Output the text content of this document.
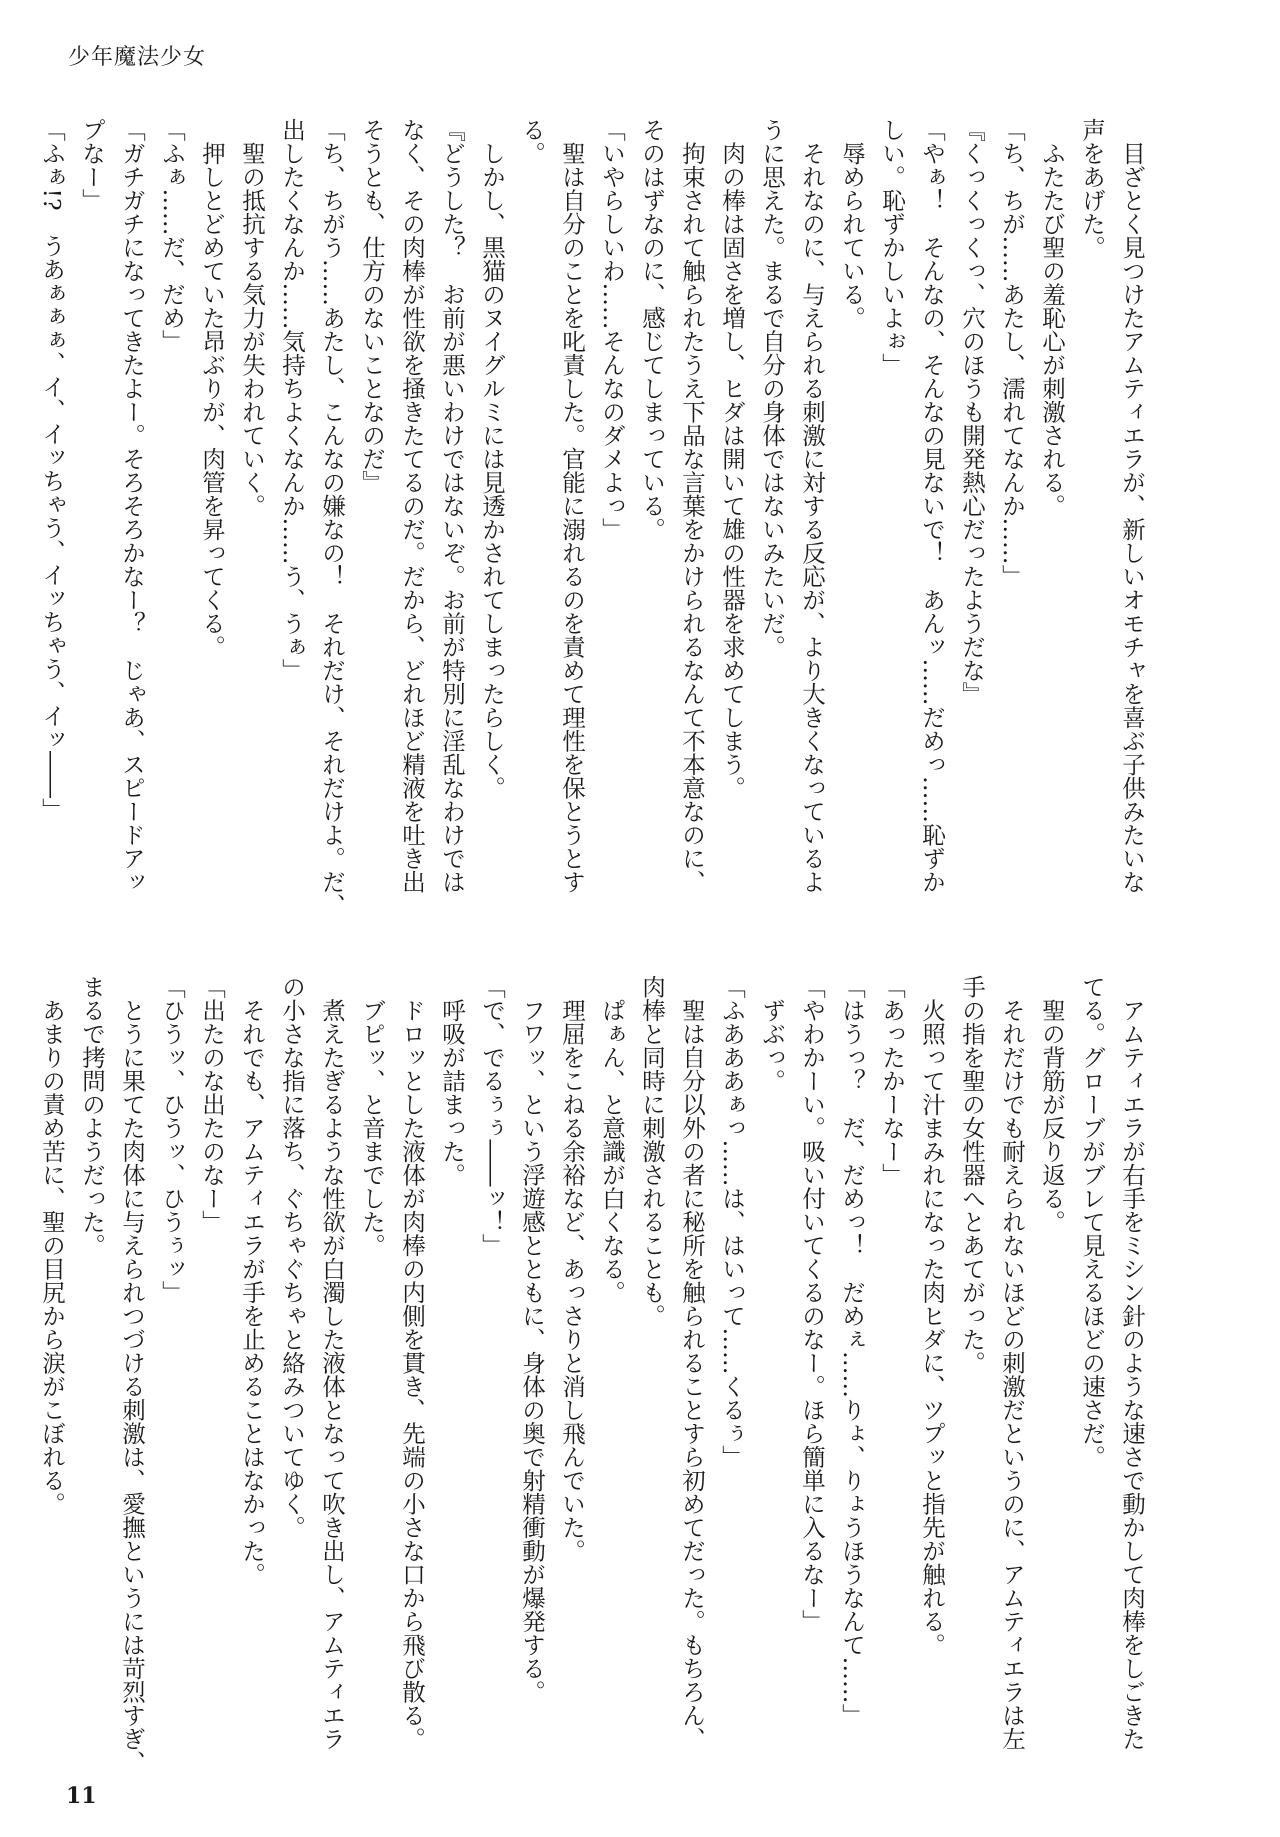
少年魔法少女
　目ざとく見つけたアムティエラが、新しいオモチャを喜ぶ子供みたいな
声をあげた。
　ふたたび聖の羞恥心が刺激される。
「ち、ちが……あたし、濡れてなんか……」
『くっくっくっ、穴のほうも開発熱心だったようだな』
「やぁ！　そんなの、そんなの見ないで！　あんッ……だめっ……恥ずか
しい。恥ずかしいよぉ」
　辱められている。
　それなのに、与えられる刺激に対する反応が、より大きくなっているよ
うに思えた。まるで自分の身体ではないみたいだ。
　肉の棒は固さを増し、ヒダは開いて雄の性器を求めてしまう。
　拘束されて触られたうえ下品な言葉をかけられるなんて不本意なのに、
そのはずなのに、感じてしまっている。
「いやらしいわ……そんなのダメよっ」
　聖は自分のことを叱責した。官能に溺れるのを責めて理性を保とうとす
る。
　しかし、黒猫のヌイグルミには見透かされてしまったらしく。
『どうした？　お前が悪いわけではないぞ。お前が特別に淫乱なわけでは
なく、その肉棒が性欲を掻きたてるのだ。だから、どれほど精液を吐き出
そうとも、仕方のないことなのだ』
「ち、ちがう……あたし、こんなの嫌なの！　それだけ、それだけよ。だ、
出したくなんか……気持ちよくなんか……う、うぁ」
　聖の抵抗する気力が失われていく。
　押しとどめていた昂ぶりが、肉管を昇ってくる。
「ふぁ……だ、だめ」
「ガチガチになってきたよー。そろそろかなー？　じゃあ、スピードアッ
プなー」
「ふぁ!?　うあぁぁぁ、イ、イッちゃう、イッちゃう、イッ――」
　アムティエラが右手をミシン針のような速さで動かして肉棒をしごきた
てる。グローブがブレて見えるほどの速さだ。
　聖の背筋が反り返る。
　それだけでも耐えられないほどの刺激だというのに、アムティエラは左
手の指を聖の女性器へとあてがった。
　火照って汁まみれになった肉ヒダに、ツプッと指先が触れる。
「あったかーなー」
「はうっ？　だ、だめっ！　だめぇ……りょ、りょうほうなんて……」
「やわかーい。吸い付いてくるのなー。ほら簡単に入るなー」
　ずぶっ。
「ふあああぁっ……は、はいって……くるぅ」
　聖は自分以外の者に秘所を触られることすら初めてだった。もちろん、
肉棒と同時に刺激されることも。
　ぱぁん、と意識が白くなる。
　理屈をこねる余裕など、あっさりと消し飛んでいた。
　フワッ、という浮遊感とともに、身体の奥で射精衝動が爆発する。
「で、でるぅぅ――ッ！」
　呼吸が詰まった。
　ドロッとした液体が肉棒の内側を貫き、先端の小さな口から飛び散る。
　ブピッ、と音までした。
　煮えたぎるような性欲が白濁した液体となって吹き出し、アムティエラ
の小さな指に落ち、ぐちゃぐちゃと絡みついてゆく。
　それでも、アムティエラが手を止めることはなかった。
「出たのな出たのなー」
「ひうッ、ひうッ、ひうぅッ」
　とうに果てた肉体に与えられつづける刺激は、愛撫というには苛烈すぎ、
まるで拷問のようだった。
　あまりの責め苦に、聖の目尻から涙がこぼれる。
11
